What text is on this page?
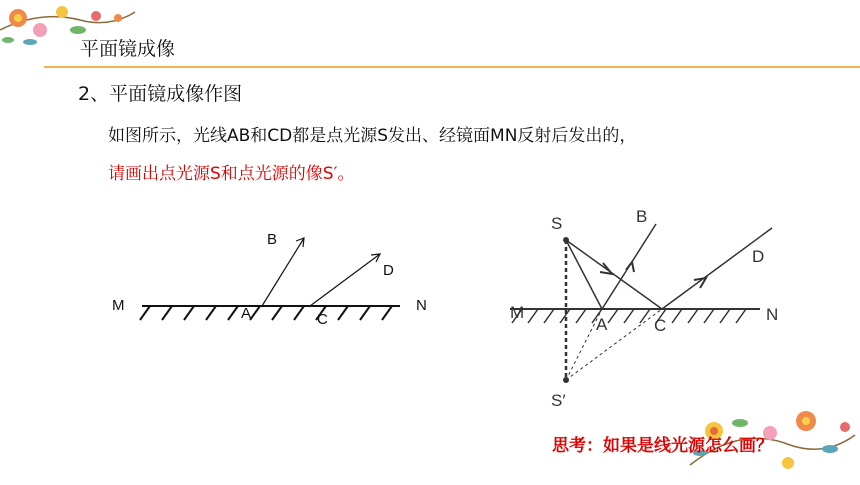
平面镜成像
2、平面镜成像作图
如图所示，光线AB和CD都是点光源S发出、经镜面MN反射后发出的，
请画出点光源S和点光源的像S′。
M	N
A
B
C
D
S
S′
M	N
A
B
C
D
思考：如果是线光源怎么画？
